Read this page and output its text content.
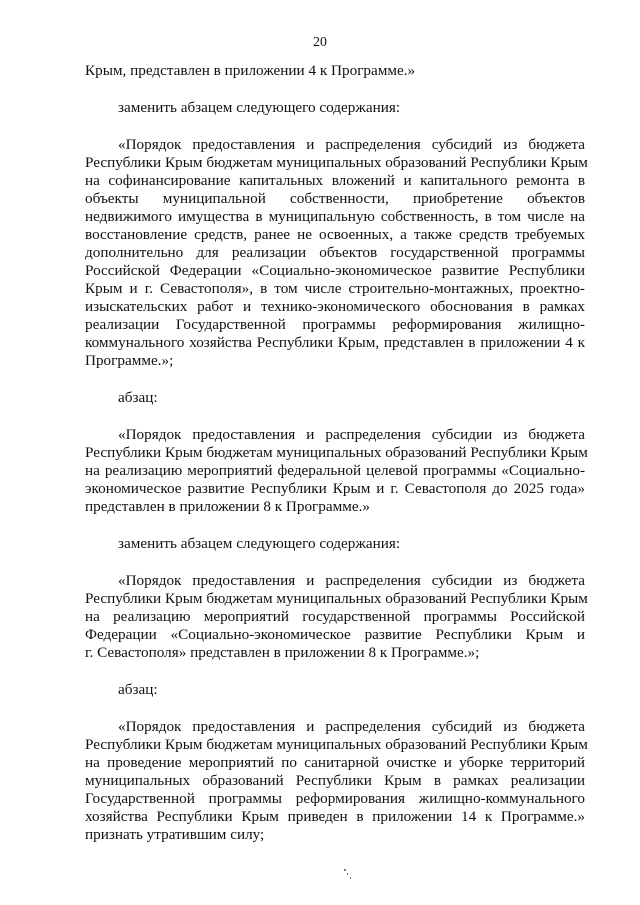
20
Крым, представлен в приложении 4 к Программе.»
заменить абзацем следующего содержания:
«Порядок предоставления и распределения субсидий из бюджета
Республики Крым бюджетам муниципальных образований Республики Крым
на софинансирование капитальных вложений и капитального ремонта в
объекты муниципальной собственности, приобретение объектов
недвижимого имущества в муниципальную собственность, в том числе на
восстановление средств, ранее не освоенных, а также средств требуемых
дополнительно для реализации объектов государственной программы
Российской Федерации «Социально-экономическое развитие Республики
Крым и г. Севастополя», в том числе строительно-монтажных, проектно-
изыскательских работ и технико-экономического обоснования в рамках
реализации Государственной программы реформирования жилищно-
коммунального хозяйства Республики Крым, представлен в приложении 4 к
Программе.»;
абзац:
«Порядок предоставления и распределения субсидии из бюджета
Республики Крым бюджетам муниципальных образований Республики Крым
на реализацию мероприятий федеральной целевой программы «Социально-
экономическое развитие Республики Крым и г. Севастополя до 2025 года»
представлен в приложении 8 к Программе.»
заменить абзацем следующего содержания:
«Порядок предоставления и распределения субсидии из бюджета
Республики Крым бюджетам муниципальных образований Республики Крым
на реализацию мероприятий государственной программы Российской
Федерации «Социально-экономическое развитие Республики Крым и
г. Севастополя» представлен в приложении 8 к Программе.»;
абзац:
«Порядок предоставления и распределения субсидий из бюджета
Республики Крым бюджетам муниципальных образований Республики Крым
на проведение мероприятий по санитарной очистке и уборке территорий
муниципальных образований Республики Крым в рамках реализации
Государственной программы реформирования жилищно-коммунального
хозяйства Республики Крым приведен в приложении 14 к Программе.»
признать утратившим силу;
